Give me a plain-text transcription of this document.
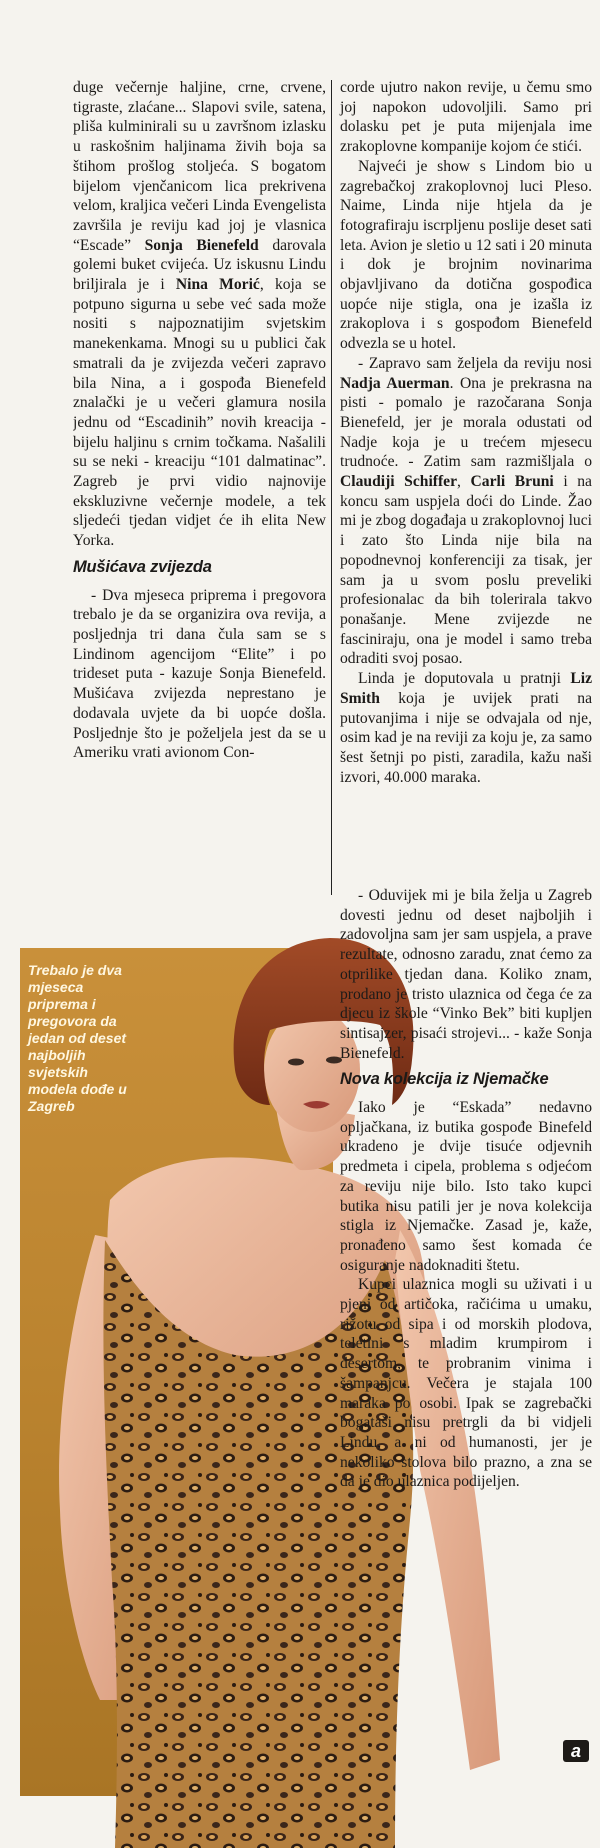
duge večernje haljine, crne, crvene, tigraste, zlaćane... Slapovi svile, satena, pliša kulminirali su u završnom izlasku u raskošnim haljinama živih boja sa štihom prošlog stoljeća. S bogatom bijelom vjenčanicom lica prekrivena velom, kraljica večeri Linda Evengelista završila je reviju kad joj je vlasnica “Escade” Sonja Bienefeld darovala golemi buket cvijeća. Uz iskusnu Lindu briljirala je i Nina Morić, koja se potpuno sigurna u sebe već sada može nositi s najpoznatijim svjetskim manekenkama. Mnogi su u publici čak smatrali da je zvijezda večeri zapravo bila Nina, a i gospođa Bienefeld znalački je u večeri glamura nosila jednu od “Escadinih” novih kreacija - bijelu haljinu s crnim točkama. Našalili su se neki - kreaciju “101 dalmatinac”. Zagreb je prvi vidio najnovije ekskluzivne večernje modele, a tek sljedeći tjedan vidjet će ih elita New Yorka.

Mušićava zvijezda

- Dva mjeseca pripremа i pregovora trebalo je da se organizira ova revija, a posljednja tri dana čula sam se s Lindinom agencijom “Elite” i po trideset puta - kazuje Sonja Bienefeld. Mušićava zvijezda neprestano je dodavala uvjete da bi uopće došla. Posljednje što je poželjela jest da se u Ameriku vrati avionom Con-

corde ujutro nakon revije, u čemu smo joj napokon udovoljili. Samo pri dolasku pet je puta mijenjala ime zrakoplovne kompanije kojom će stići.

Najveći je show s Lindom bio u zagrebačkoj zrakoplovnoj luci Pleso. Naime, Linda nije htjela da je fotografiraju iscrpljenu poslije deset sati leta. Avion je sletio u 12 sati i 20 minuta i dok je brojnim novinarima objavljivano da dotična gospođica uopće nije stigla, ona je izašla iz zrakoplova i s gospođom Bienefeld odvezla se u hotel.

- Zapravo sam željela da reviju nosi Nadja Auerman. Ona je prekrasna na pisti - pomalo je razočarana Sonja Bienefeld, jer je morala odustati od Nadje koja je u trećem mjesecu trudnoće. - Zatim sam razmišljala o Claudiji Schiffer, Carli Bruni i na koncu sam uspjela doći do Linde. Žao mi je zbog događaja u zrakoplovnoj luci i zato što Linda nije bila na popodnevnoj konferenciji za tisak, jer sam ja u svom poslu preveliki profesionalac da bih tolerirala takvo ponašanje. Mene zvijezde ne fasciniraju, ona je model i samo treba odraditi svoj posao.

Linda je doputovala u pratnji Liz Smith koja je uvijek prati na putovanjima i nije se odvajala od nje, osim kad je na reviji za koju je, za samo šest šetnji po pisti, zaradila, kažu naši izvori, 40.000 maraka.

Trebalo je dva mjeseca priprema i pregovora da jedan od deset najboljih svjetskih modela dođe u Zagreb

- Oduvijek mi je bila želja u Zagreb dovesti jednu od deset najboljih i zadovoljna sam jer sam uspjela, a prave rezultate, odnosno zaradu, znat ćemo za otprilike tjedan dana. Koliko znam, prodano je tristo ulaznica od čega će za djecu iz škole “Vinko Bek” biti kupljen sintisajzer, pisaći strojevi... - kaže Sonja Bienefeld.

Nova kolekcija iz Njemačke

Iako je “Eskada” nedavno opljačkana, iz butika gospođe Binefeld ukradeno je dvije tisuće odjevnih predmeta i cipela, problema s odjećom za reviju nije bilo. Isto tako kupci butika nisu patili jer je nova kolekcija stigla iz Njemačke. Zasad je, kaže, pronađeno samo šest komada će osiguranje nadoknaditi štetu.

Kupci ulaznica mogli su uživati i u pjeni od artičoka, račićima u umaku, rižotu od sipa i od morskih plodova, teletini s mladim krumpirom i desertom, te probranim vinima i šampanjcu. Večera je stajala 100 maraka po osobi. Ipak se zagrebački bogataši nisu pretrgli da bi vidjeli Lindu, a ni od humanosti, jer je nekoliko stolova bilo prazno, a zna se da je dio ulaznica podijeljen.

a
